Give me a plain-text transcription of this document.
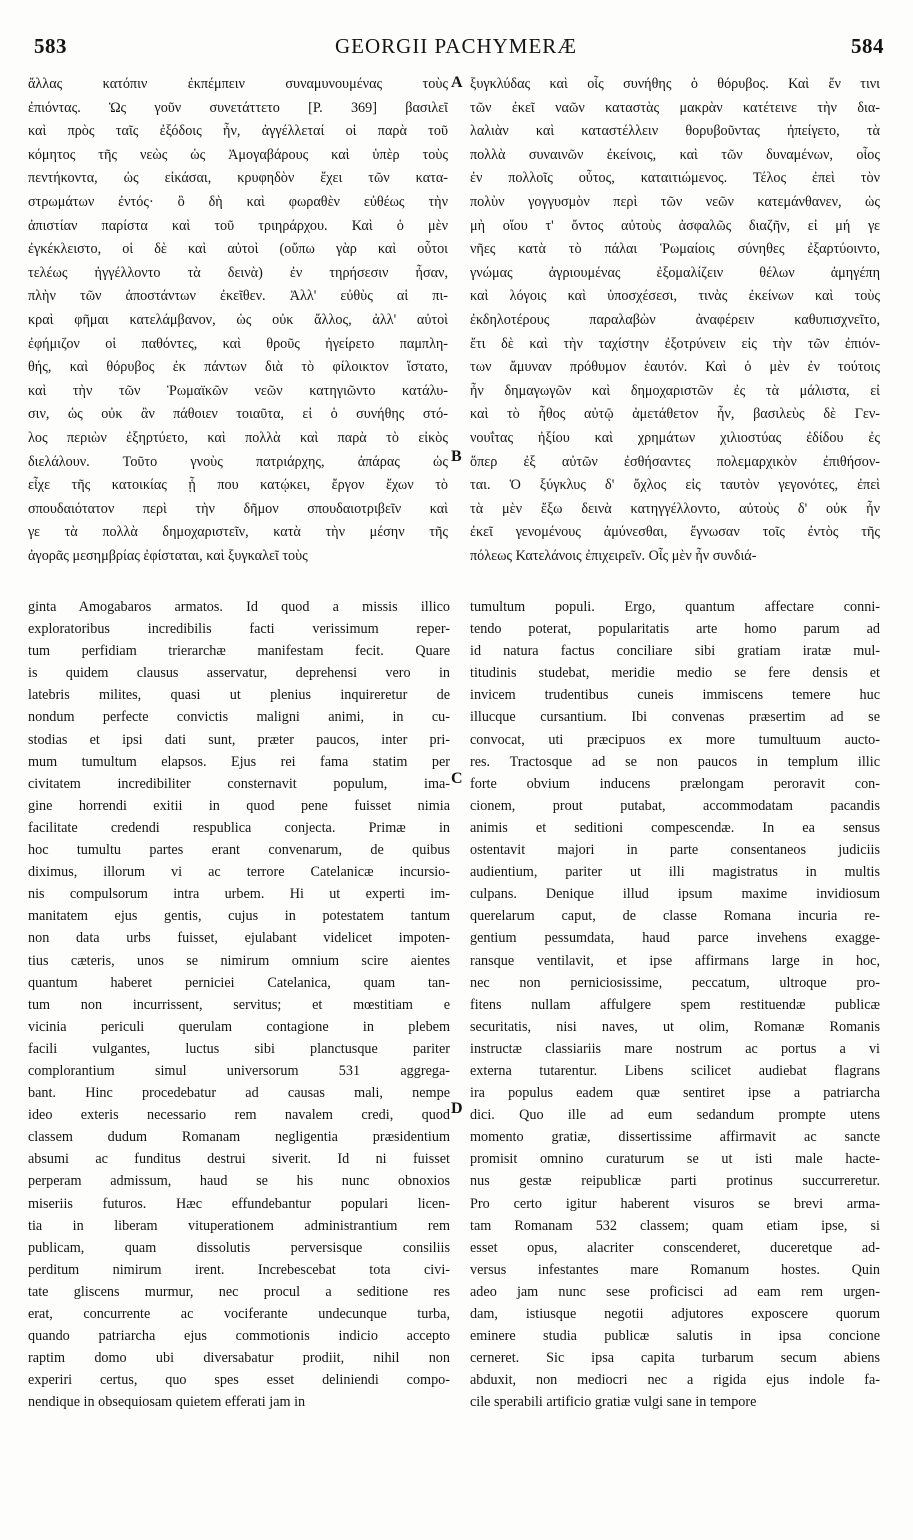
583	GEORGII PACHYMERÆ	584
ἄλλας κατόπιν ἐκπέμπειν συναμυνουμένας τοὺς
ἐπιόντας. Ὡς γοῦν συνετάττετο [P. 369] βασιλεῖ
καὶ πρὸς ταῖς ἐξόδοις ἦν, ἀγγέλλεταί οἱ παρὰ τοῦ
κόμητος τῆς νεὼς ὡς Ἀμογαβάρους καὶ ὑπὲρ τοὺς
πεντήκοντα, ὡς εἰκάσαι, κρυφηδὸν ἔχει τῶν κατα-
στρωμάτων ἐντός· ὃ δὴ καὶ φωραθὲν εὐθέως τὴν
ἀπιστίαν παρίστα καὶ τοῦ τριηράρχου. Καὶ ὁ μὲν
ἐγκέκλειστο, οἱ δὲ καὶ αὐτοὶ (οὔπω γὰρ καὶ οὗτοι
τελέως ἠγγέλλοντο τὰ δεινὰ) ἐν τηρήσεσιν ἦσαν,
πλὴν τῶν ἀποστάντων ἐκεῖθεν. Ἀλλ' εὐθὺς αἱ πι-
κραὶ φῆμαι κατελάμβανον, ὡς οὐκ ἄλλος, ἀλλ' αὐτοὶ
ἐφήμιζον οἱ παθόντες, καὶ θροῦς ἠγείρετο παμπλη-
θής, καὶ θόρυβος ἐκ πάντων διὰ τὸ φίλοικτον ἵστατο,
καὶ τὴν τῶν Ῥωμαϊκῶν νεῶν κατηγιῶντο κατάλυ-
σιν, ὡς οὐκ ἂν πάθοιεν τοιαῦτα, εἰ ὁ συνήθης στό-
λος περιὼν ἐξηρτύετο, καὶ πολλὰ καὶ παρὰ τὸ εἰκὸς
διελάλουν. Τοῦτο γνοὺς πατριάρχης, ἀπάρας ὡς
εἶχε τῆς κατοικίας ᾗ που κατῴκει, ἔργον ἔχων τὸ
σπουδαιότατον περὶ τὴν δῆμον σπουδαιοτριβεῖν καὶ
γε τὰ πολλὰ δημοχαριστεῖν, κατὰ τὴν μέσην τῆς
ἀγορᾶς μεσημβρίας ἐφίσταται, καὶ ξυγκαλεῖ τοὺς
ξυγκλύδας καὶ οἷς συνήθης ὁ θόρυβος. Καὶ ἔν τινι
τῶν ἐκεῖ ναῶν καταστὰς μακρὰν κατέτεινε τὴν δια-
λαλιὰν καὶ καταστέλλειν θορυβοῦντας ἠπείγετο, τὰ
πολλὰ συναινῶν ἐκείνοις, καὶ τῶν δυναμένων, οἷος
ἐν πολλοῖς οὗτος, καταιτιώμενος. Τέλος ἐπεὶ τὸν
πολὺν γογγυσμὸν περὶ τῶν νεῶν κατεμάνθανεν, ὡς
μὴ οἵου τ' ὄντος αὐτοὺς ἀσφαλῶς διαζῆν, εἰ μή γε
νῆες κατὰ τὸ πάλαι Ῥωμαίοις σύνηθες ἐξαρτύοιντο,
γνώμας ἀγριουμένας ἐξομαλίζειν θέλων ἀμηγέπη
καὶ λόγοις καὶ ὑποσχέσεσι, τινὰς ἐκείνων καὶ τοὺς
ἐκδηλοτέρους παραλαβὼν ἀναφέρειν καθυπισχνεῖτο,
ἔτι δὲ καὶ τὴν ταχίστην ἐξοτρύνειν εἰς τὴν τῶν ἐπιόν-
των ἄμυναν πρόθυμον ἑαυτόν. Καὶ ὁ μὲν ἐν τούτοις
ἦν δημαγωγῶν καὶ δημοχαριστῶν ἐς τὰ μάλιστα, εἰ
καὶ τὸ ἦθος αὐτῷ ἀμετάθετον ἦν, βασιλεὺς δὲ Γεν-
νουΐτας ἠξίου καὶ χρημάτων χιλιοστύας ἐδίδου ἐς
ὅπερ ἐξ αὐτῶν ἐσθήσαντες πολεμαρχικὸν ἐπιθήσον-
ται. Ὁ ξύγκλυς δ' ὄχλος εἰς ταυτὸν γεγονότες, ἐπεὶ
τὰ μὲν ἔξω δεινὰ κατηγγέλλοντο, αὐτοὺς δ' οὐκ ἦν
ἐκεῖ γενομένους ἀμύνεσθαι, ἔγνωσαν τοῖς ἐντὸς τῆς
πόλεως Κατελάνοις ἐπιχειρεῖν. Οἷς μὲν ἦν συνδιά-
ginta Amogabaros armatos. Id quod a missis illico
exploratoribus incredibilis facti verissimum reper-
tum perfidiam trierarchæ manifestam fecit. Quare
is quidem clausus asservatur, deprehensi vero in
latebris milites, quasi ut plenius inquireretur de
nondum perfecte convictis maligni animi, in cu-
stodias et ipsi dati sunt, præter paucos, inter pri-
mum tumultum elapsos. Ejus rei fama statim per
civitatem incredibiliter consternavit populum, ima-
gine horrendi exitii in quod pene fuisset nimia
facilitate credendi respublica conjecta. Primæ in
hoc tumultu partes erant convenarum, de quibus
diximus, illorum vi ac terrore Catelanicæ incursio-
nis compulsorum intra urbem. Hi ut experti im-
manitatem ejus gentis, cujus in potestatem tantum
non data urbs fuisset, ejulabant videlicet impoten-
tius cæteris, unos se nimirum omnium scire aientes
quantum haberet perniciei Catelanica, quam tan-
tum non incurrissent, servitus; et mœstitiam e
vicinia periculi querulam contagione in plebem
facili vulgantes, luctus sibi planctusque pariter
complorantium simul universorum 531 aggrega-
bant. Hinc procedebatur ad causas mali, nempe
ideo exteris necessario rem navalem credi, quod
classem dudum Romanam negligentia præsidentium
absumi ac funditus destrui siverit. Id ni fuisset
perperam admissum, haud se his nunc obnoxios
miseriis futuros. Hæc effundebantur populari licen-
tia in liberam vituperationem administrantium rem
publicam, quam dissolutis perversisque consiliis
perditum nimirum irent. Increbescebat tota civi-
tate gliscens murmur, nec procul a seditione res
erat, concurrente ac vociferante undecunque turba,
quando patriarcha ejus commotionis indicio accepto
raptim domo ubi diversabatur prodiit, nihil non
experiri certus, quo spes esset deliniendi compo-
nendique in obsequiosam quietem efferati jam in
tumultum populi. Ergo, quantum affectare conni-
tendo poterat, popularitatis arte homo parum ad
id natura factus conciliare sibi gratiam iratæ mul-
titudinis studebat, meridie medio se fere densis et
invicem trudentibus cuneis immiscens temere huc
illucque cursantium. Ibi convenas præsertim ad se
convocat, uti præcipuos ex more tumultuum aucto-
res. Tractosque ad se non paucos in templum illic
forte obvium inducens prælongam peroravit con-
cionem, prout putabat, accommodatam pacandis
animis et seditioni compescendæ. In ea sensus
ostentavit majori in parte consentaneos judiciis
audientium, pariter ut illi magistratus in multis
culpans. Denique illud ipsum maxime invidiosum
querelarum caput, de classe Romana incuria re-
gentium pessumdata, haud parce invehens exagge-
ransque ventilavit, et ipse affirmans large in hoc,
nec non perniciosissime, peccatum, ultroque pro-
fitens nullam affulgere spem restituendæ publicæ
securitatis, nisi naves, ut olim, Romanæ Romanis
instructæ classiariis mare nostrum ac portus a vi
externa tutarentur. Libens scilicet audiebat flagrans
ira populus eadem quæ sentiret ipse a patriarcha
dici. Quo ille ad eum sedandum prompte utens
momento gratiæ, dissertissime affirmavit ac sancte
promisit omnino curaturum se ut isti male hacte-
nus gestæ reipublicæ parti protinus succurreretur.
Pro certo igitur haberent visuros se brevi arma-
tam Romanam 532 classem; quam etiam ipse, si
esset opus, alacriter conscenderet, duceretque ad-
versus infestantes mare Romanum hostes. Quin
adeo jam nunc sese proficisci ad eam rem urgen-
dam, istiusque negotii adjutores exposcere quorum
eminere studia publicæ salutis in ipsa concione
cerneret. Sic ipsa capita turbarum secum abiens
abduxit, non mediocri nec a rigida ejus indole fa-
cile sperabili artificio gratiæ vulgi sane in tempore
A
B
C
D
